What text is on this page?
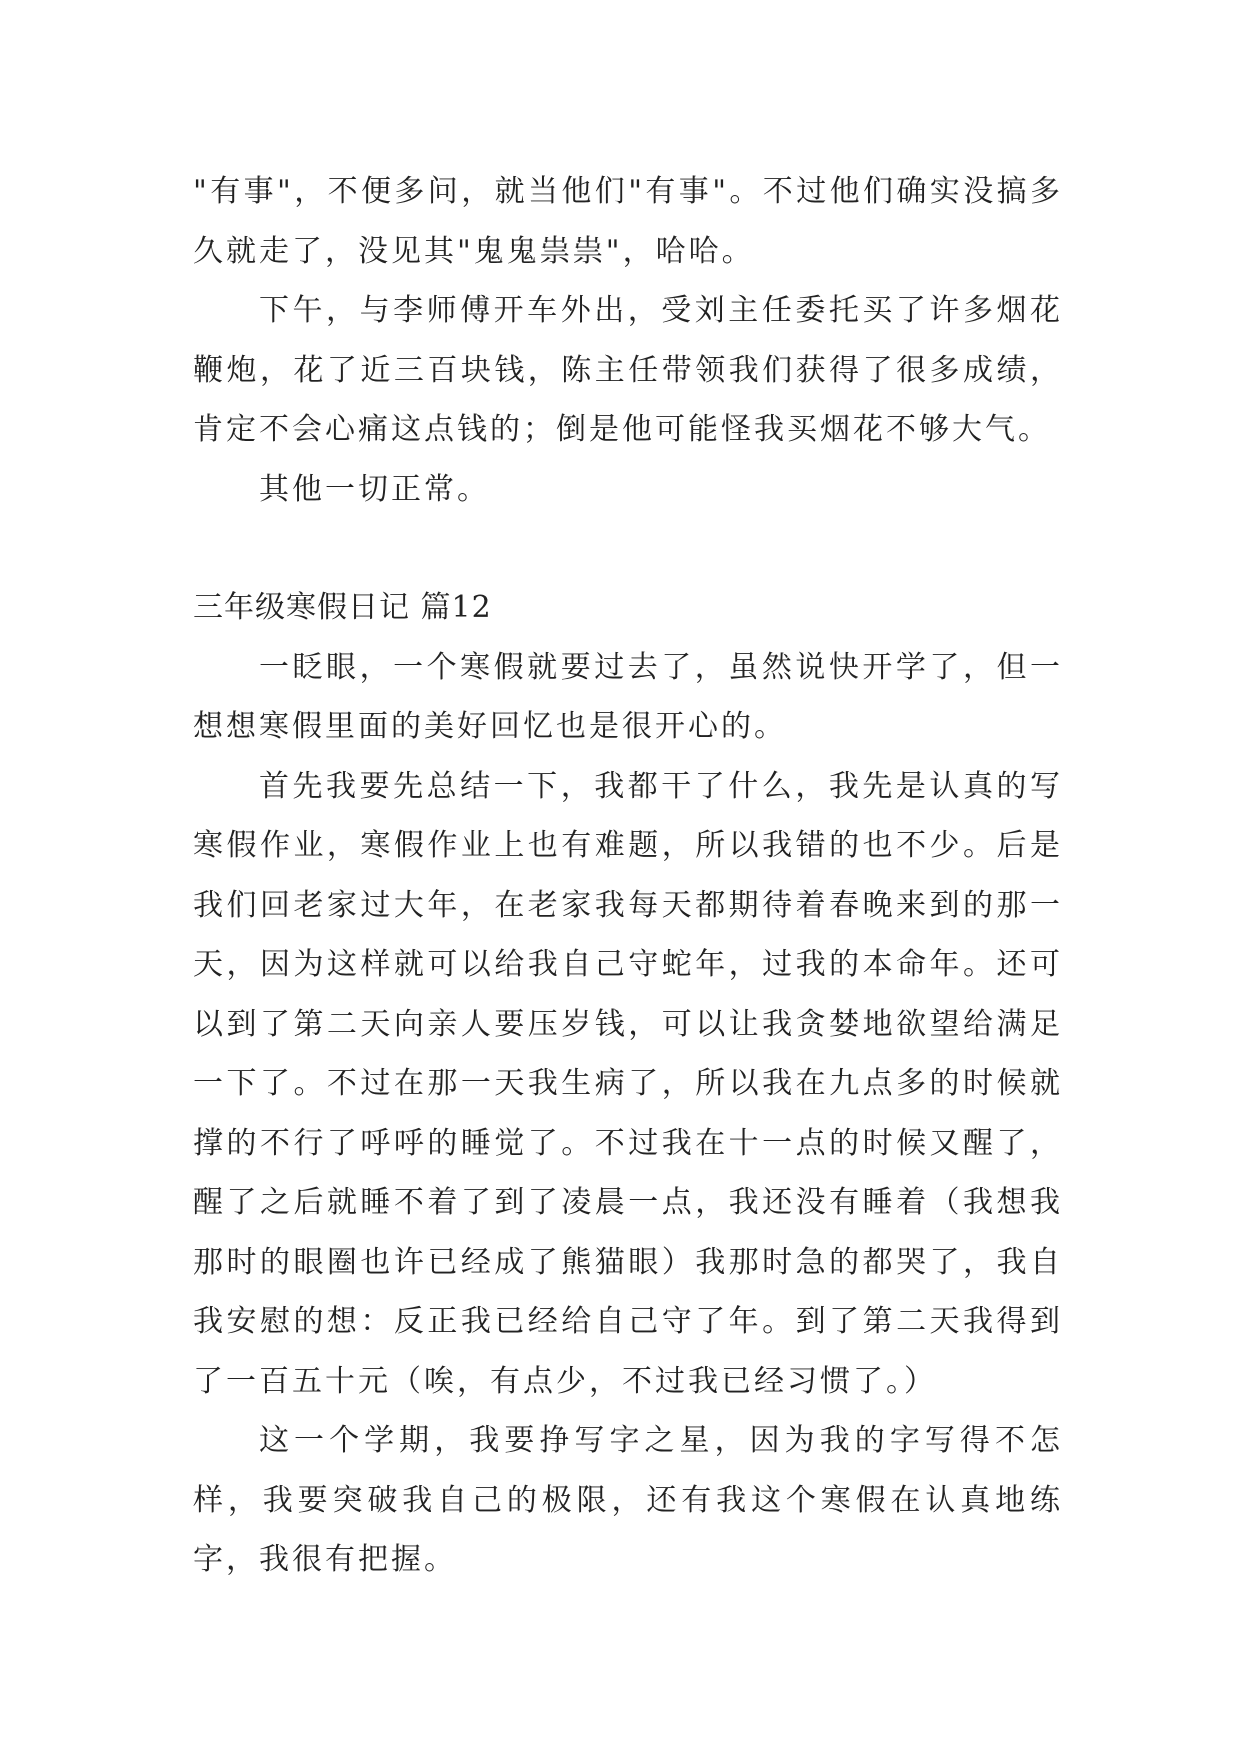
"有事"，不便多问，就当他们"有事"。不过他们确实没搞多久就走了，没见其"鬼鬼祟祟"，哈哈。

下午，与李师傅开车外出，受刘主任委托买了许多烟花鞭炮，花了近三百块钱，陈主任带领我们获得了很多成绩，肯定不会心痛这点钱的；倒是他可能怪我买烟花不够大气。

其他一切正常。

三年级寒假日记 篇12

一眨眼，一个寒假就要过去了，虽然说快开学了，但一想想寒假里面的美好回忆也是很开心的。

首先我要先总结一下，我都干了什么，我先是认真的写寒假作业，寒假作业上也有难题，所以我错的也不少。后是我们回老家过大年，在老家我每天都期待着春晚来到的那一天，因为这样就可以给我自己守蛇年，过我的本命年。还可以到了第二天向亲人要压岁钱，可以让我贪婪地欲望给满足一下了。不过在那一天我生病了，所以我在九点多的时候就撑的不行了呼呼的睡觉了。不过我在十一点的时候又醒了，醒了之后就睡不着了到了凌晨一点，我还没有睡着（我想我那时的眼圈也许已经成了熊猫眼）我那时急的都哭了，我自我安慰的想：反正我已经给自己守了年。到了第二天我得到了一百五十元（唉，有点少，不过我已经习惯了。）

这一个学期，我要挣写字之星，因为我的字写得不怎样，我要突破我自己的极限，还有我这个寒假在认真地练字，我很有把握。
